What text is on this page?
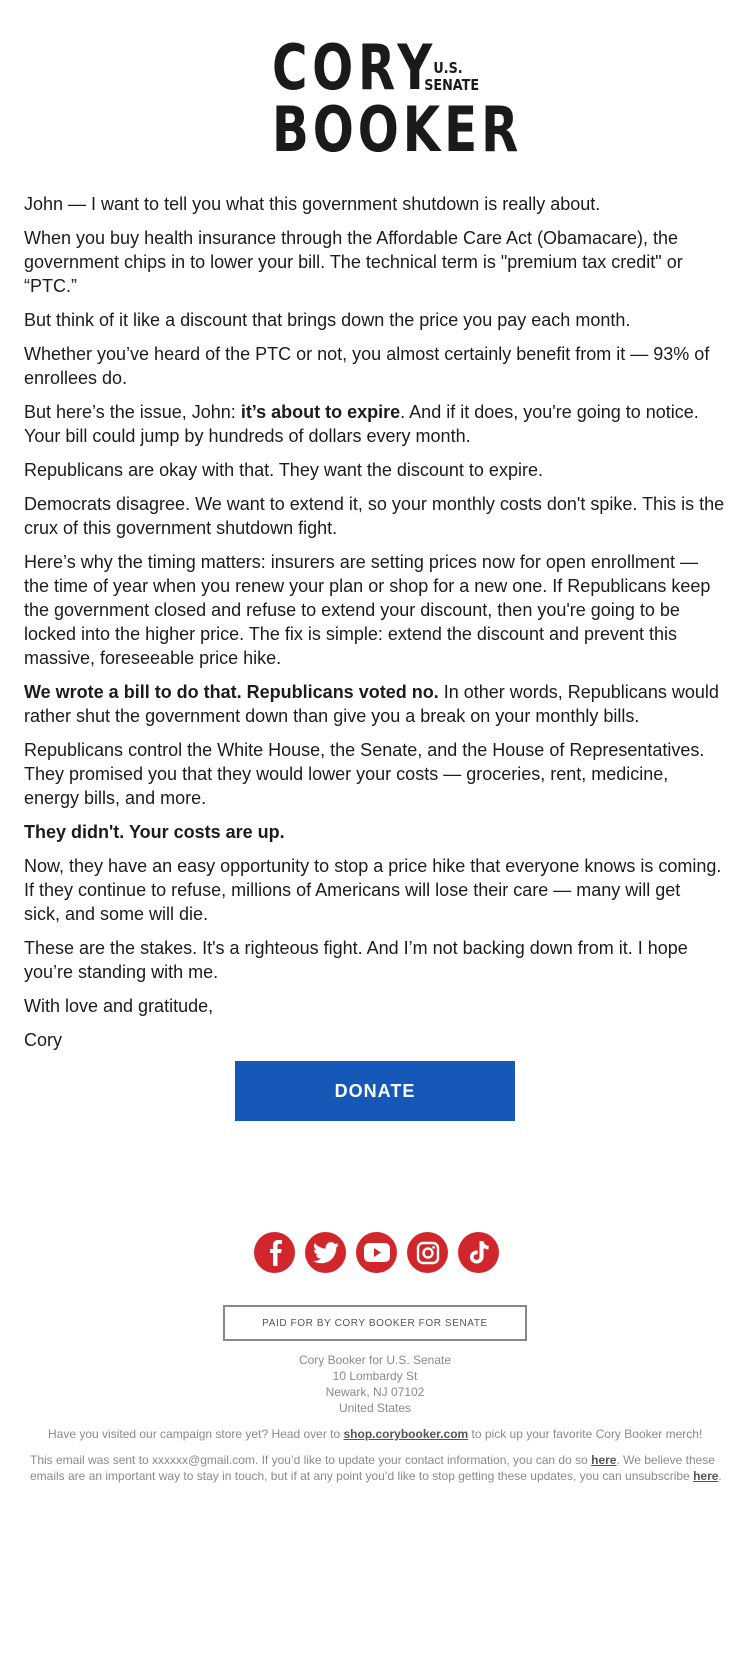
CORY
U.S.
SENATE
BOOKER

John — I want to tell you what this government shutdown is really about.

When you buy health insurance through the Affordable Care Act (Obamacare), the
government chips in to lower your bill. The technical term is "premium tax credit" or
“PTC.”

But think of it like a discount that brings down the price you pay each month.

Whether you’ve heard of the PTC or not, you almost certainly benefit from it — 93% of
enrollees do.

But here’s the issue, John: it’s about to expire. And if it does, you're going to notice.
Your bill could jump by hundreds of dollars every month.

Republicans are okay with that. They want the discount to expire.

Democrats disagree. We want to extend it, so your monthly costs don't spike. This is the
crux of this government shutdown fight.

Here’s why the timing matters: insurers are setting prices now for open enrollment —
the time of year when you renew your plan or shop for a new one. If Republicans keep
the government closed and refuse to extend your discount, then you're going to be
locked into the higher price. The fix is simple: extend the discount and prevent this
massive, foreseeable price hike.

We wrote a bill to do that. Republicans voted no. In other words, Republicans would
rather shut the government down than give you a break on your monthly bills.

Republicans control the White House, the Senate, and the House of Representatives.
They promised you that they would lower your costs — groceries, rent, medicine,
energy bills, and more.

They didn't. Your costs are up.

Now, they have an easy opportunity to stop a price hike that everyone knows is coming.
If they continue to refuse, millions of Americans will lose their care — many will get
sick, and some will die.

These are the stakes. It's a righteous fight. And I’m not backing down from it. I hope
you’re standing with me.

With love and gratitude,

Cory

DONATE
PAID FOR BY CORY BOOKER FOR SENATE
Cory Booker for U.S. Senate
10 Lombardy St
Newark, NJ 07102
United States
Have you visited our campaign store yet? Head over to shop.corybooker.com to pick up your favorite Cory Booker merch!
This email was sent to xxxxxx@gmail.com. If you’d like to update your contact information, you can do so here. We believe these
emails are an important way to stay in touch, but if at any point you’d like to stop getting these updates, you can unsubscribe here.
